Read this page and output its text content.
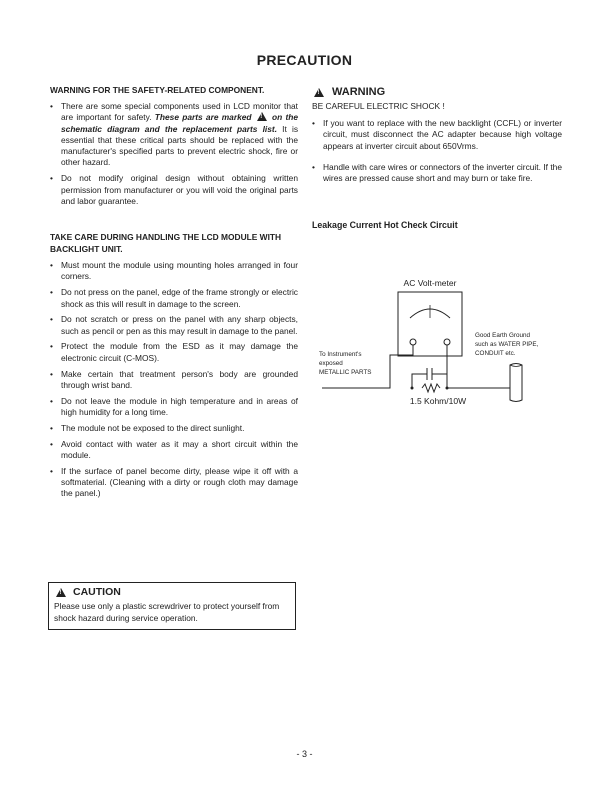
PRECAUTION
WARNING FOR THE SAFETY-RELATED COMPONENT.
• There are some special components used in LCD monitor that are important for safety. These parts are marked ! on the schematic diagram and the replacement parts list. It is essential that these critical parts should be replaced with the manufacturer's specified parts to prevent electric shock, fire or other hazard.
• Do not modify original design without obtaining written permission from manufacturer or you will void the original parts and labor guarantee.
TAKE CARE DURING HANDLING THE LCD MODULE WITH BACKLIGHT UNIT.
• Must mount the module using mounting holes arranged in four corners.
• Do not press on the panel, edge of the frame strongly or electric shock as this will result in damage to the screen.
• Do not scratch or press on the panel with any sharp objects, such as pencil or pen as this may result in damage to the panel.
• Protect the module from the ESD as it may damage the electronic circuit (C-MOS).
• Make certain that treatment person's body are grounded through wrist band.
• Do not leave the module in high temperature and in areas of high humidity for a long time.
• The module not be exposed to the direct sunlight.
• Avoid contact with water as it may a short circuit within the module.
• If the surface of panel become dirty, please wipe it off with a softmaterial. (Cleaning with a dirty or rough cloth may damage the panel.)
!
WARNING
BE CAREFUL ELECTRIC SHOCK !
• If you want to replace with the new backlight (CCFL) or inverter circuit, must disconnect the AC adapter because high voltage appears at inverter circuit about 650Vrms.
• Handle with care wires or connectors of the inverter circuit. If the wires are pressed cause short and may burn or take fire.
Leakage Current Hot Check Circuit
AC Volt-meter
1.5 Kohm/10W
To Instrument's exposed METALLIC PARTS
Good Earth Ground such as WATER PIPE, CONDUIT etc.
!
CAUTION
Please use only a plastic screwdriver to protect yourself from shock hazard during service operation.
- 3 -
